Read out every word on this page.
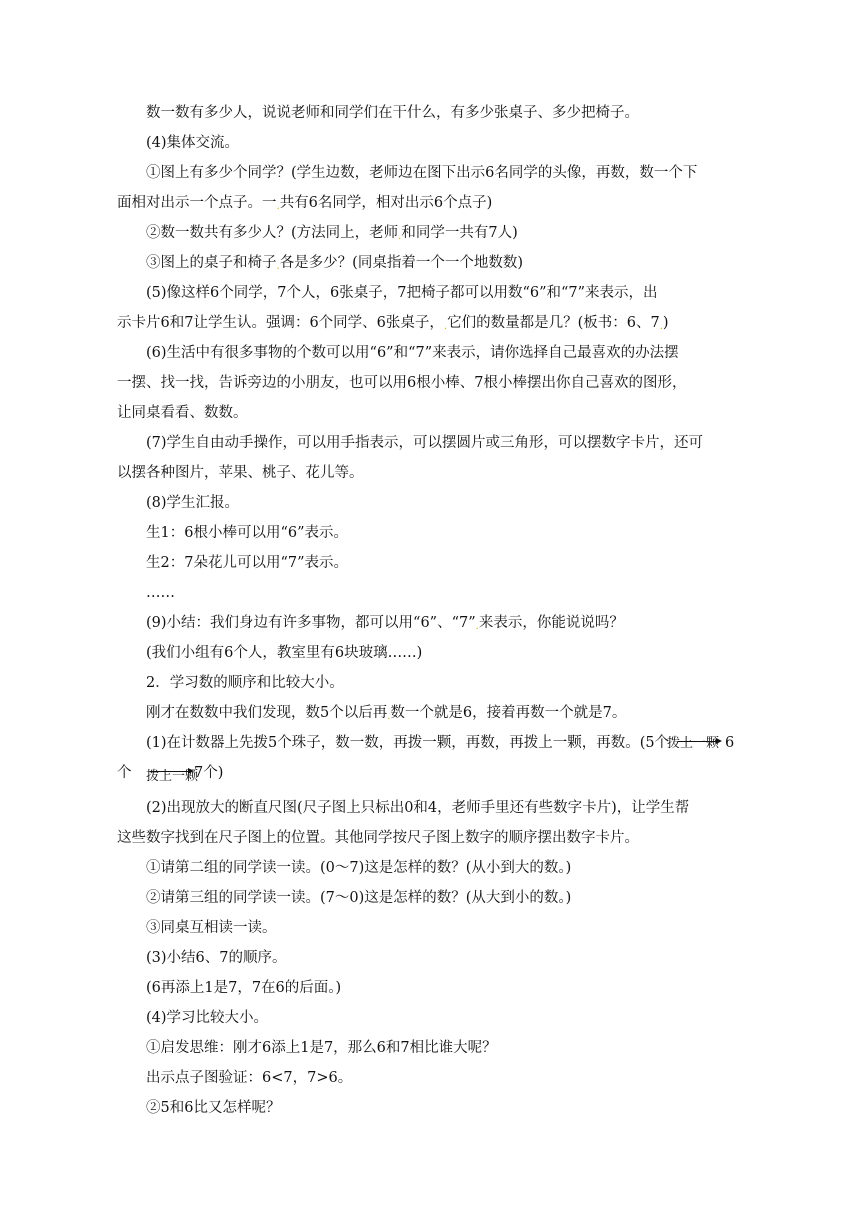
数一数有多少人，说说老师和同学们在干什么，有多少张桌子、多少把椅子。
(4)集体交流。
①图上有多少个同学？(学生边数，老师边在图下出示6名同学的头像，再数，数一个下
面相对出示一个点子。一.共有6名同学，相对出示6个点子)
②数一数共有多少人？(方法同上，老师.和同学一共有7人)
③图上的桌子和椅子.各是多少？(同桌指着一个一个地数数)
(5)像这样6个同学，7个人，6张桌子，7把椅子都可以用数“6”和“7”来表示，出
示卡片6和7让学生认。强调：6个同学、6张桌子，.它们的数量都是几？(板书：6、7.)
(6)生活中有很多事物的个数可以用“6”和“7”来表示，请你选择自己最喜欢的办法摆
一摆、找一找，告诉旁边的小朋友，也可以用6根小棒、7根小棒摆出你自己喜欢的图形，
让同桌看看、数数。
(7)学生自由动手操作，可以用手指表示，可以摆圆片或三角形，可以摆数字卡片，还可
以摆各种图片，苹果、桃子、花儿等。
(8)学生汇报。
生1：6根小棒可以用“6”表示。
生2：7朵花儿可以用“7”表示。
……
(9)小结：我们身边有许多事物，都可以用“6”、“7”.来表示，你能说说吗？
(我们小组有6个人，教室里有6块玻璃……)
2．学习数的顺序和比较大小。
刚才在数数中我们发现，数5个以后再.数一个就是6，接着再数一个就是7。
(1)在计数器上先拨5个珠子，数一数，再拨一颗，再数，再拨上一颗，再数。(5个	6
拨上一颗
个 拨上一颗
7个)
(2)出现放大的断直尺图(尺子图上只标出0和4，老师手里还有些数字卡片)，让学生帮
这些数字找到在尺子图上的位置。其他同学按尺子图上数字的顺序摆出数字卡片。
①请第二组的同学读一读。(0～7)这是怎样的数？(从小到大的数。)
②请第三组的同学读一读。(7～0)这是怎样的数？(从大到小的数。)
③同桌互相读一读。
(3)小结6、7的顺序。
(6再添上1是7，7在6的后面。)
(4)学习比较大小。
①启发思维：刚才6添上1是7，那么6和7相比谁大呢？
出示点子图验证：6<7，7>6。
②5和6比又怎样呢？
